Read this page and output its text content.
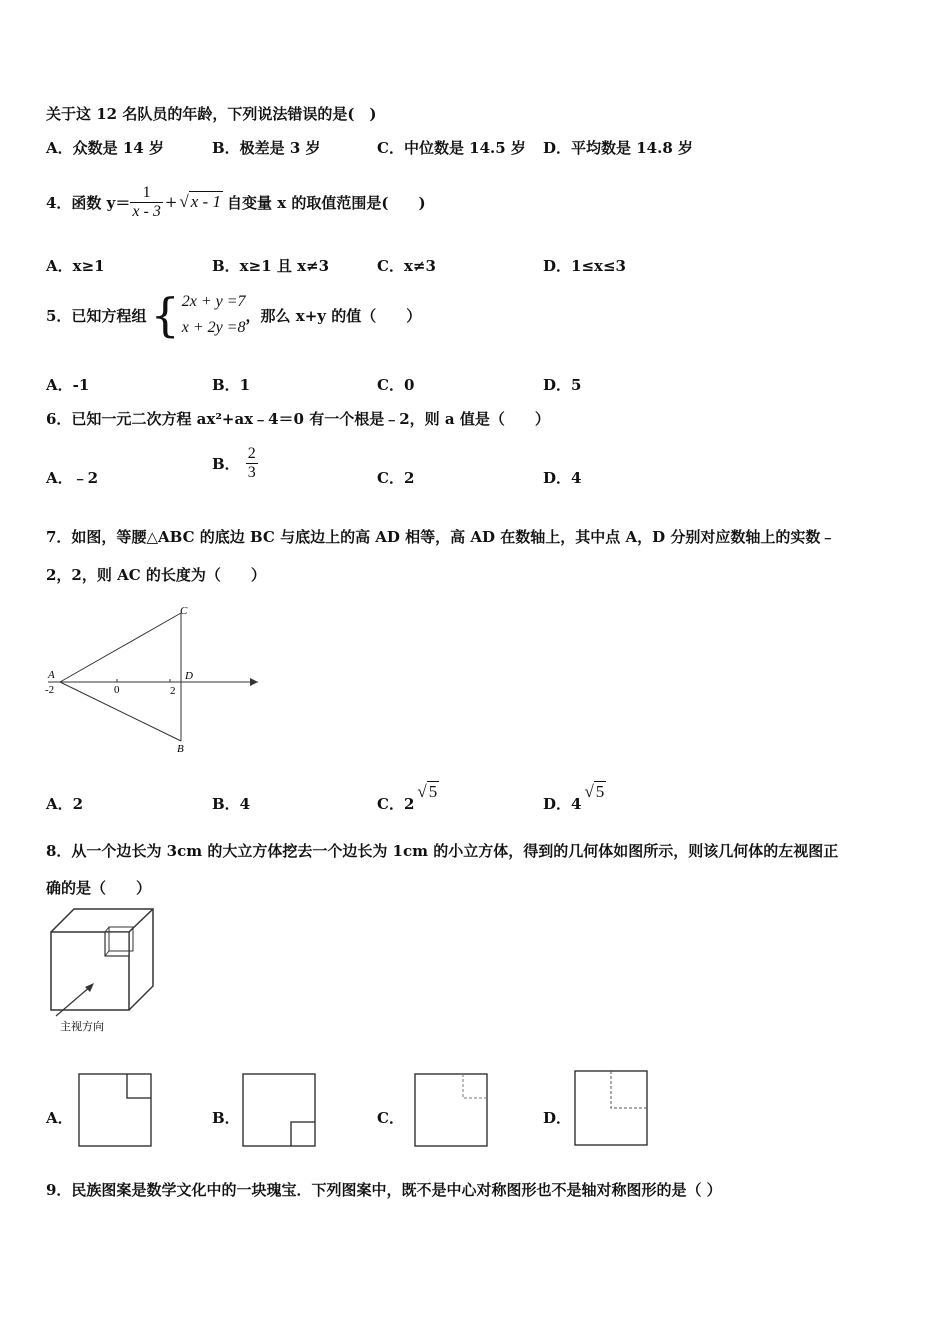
关于这 12 名队员的年龄，下列说法错误的是(　)
A．众数是 14 岁	B．极差是 3 岁	C．中位数是 14.5 岁 D．平均数是 14.8 岁
4．函数 $y= \frac{1}{x - 3}$ + √ x - 1 自变量 x 的取值范围是(　　)
A．x≥1	B．x≥1 且 x≠3	C．x≠3	D．1≤x≤3
5．已知方程组 { 2x + y =7
x + 2y =8
，那么 x+y 的值（　　）
A．-1	B．1	C．0	D．5
6．已知一元二次方程 ax²+ax﹣4＝0 有一个根是﹣2，则 a 值是（　　）
A．﹣2
B． $\frac{2}{3}$	C．2	D．4
7．如图，等腰△ABC 的底边 BC 与底边上的高 AD 相等，高 AD 在数轴上，其中点 A，D 分别对应数轴上的实数﹣
2，2，则 AC 的长度为（　　）
A
-2	0	2
D
C
B
A．2	B．4	C．2
√ 5
D．4
√ 5
8．从一个边长为 3cm 的大立方体挖去一个边长为 1cm 的小立方体，得到的几何体如图所示，则该几何体的左视图正
确的是（　　）
主视方向
A．	B．	C．	D．
9．民族图案是数学文化中的一块瑰宝．下列图案中，既不是中心对称图形也不是轴对称图形的是（ ）
